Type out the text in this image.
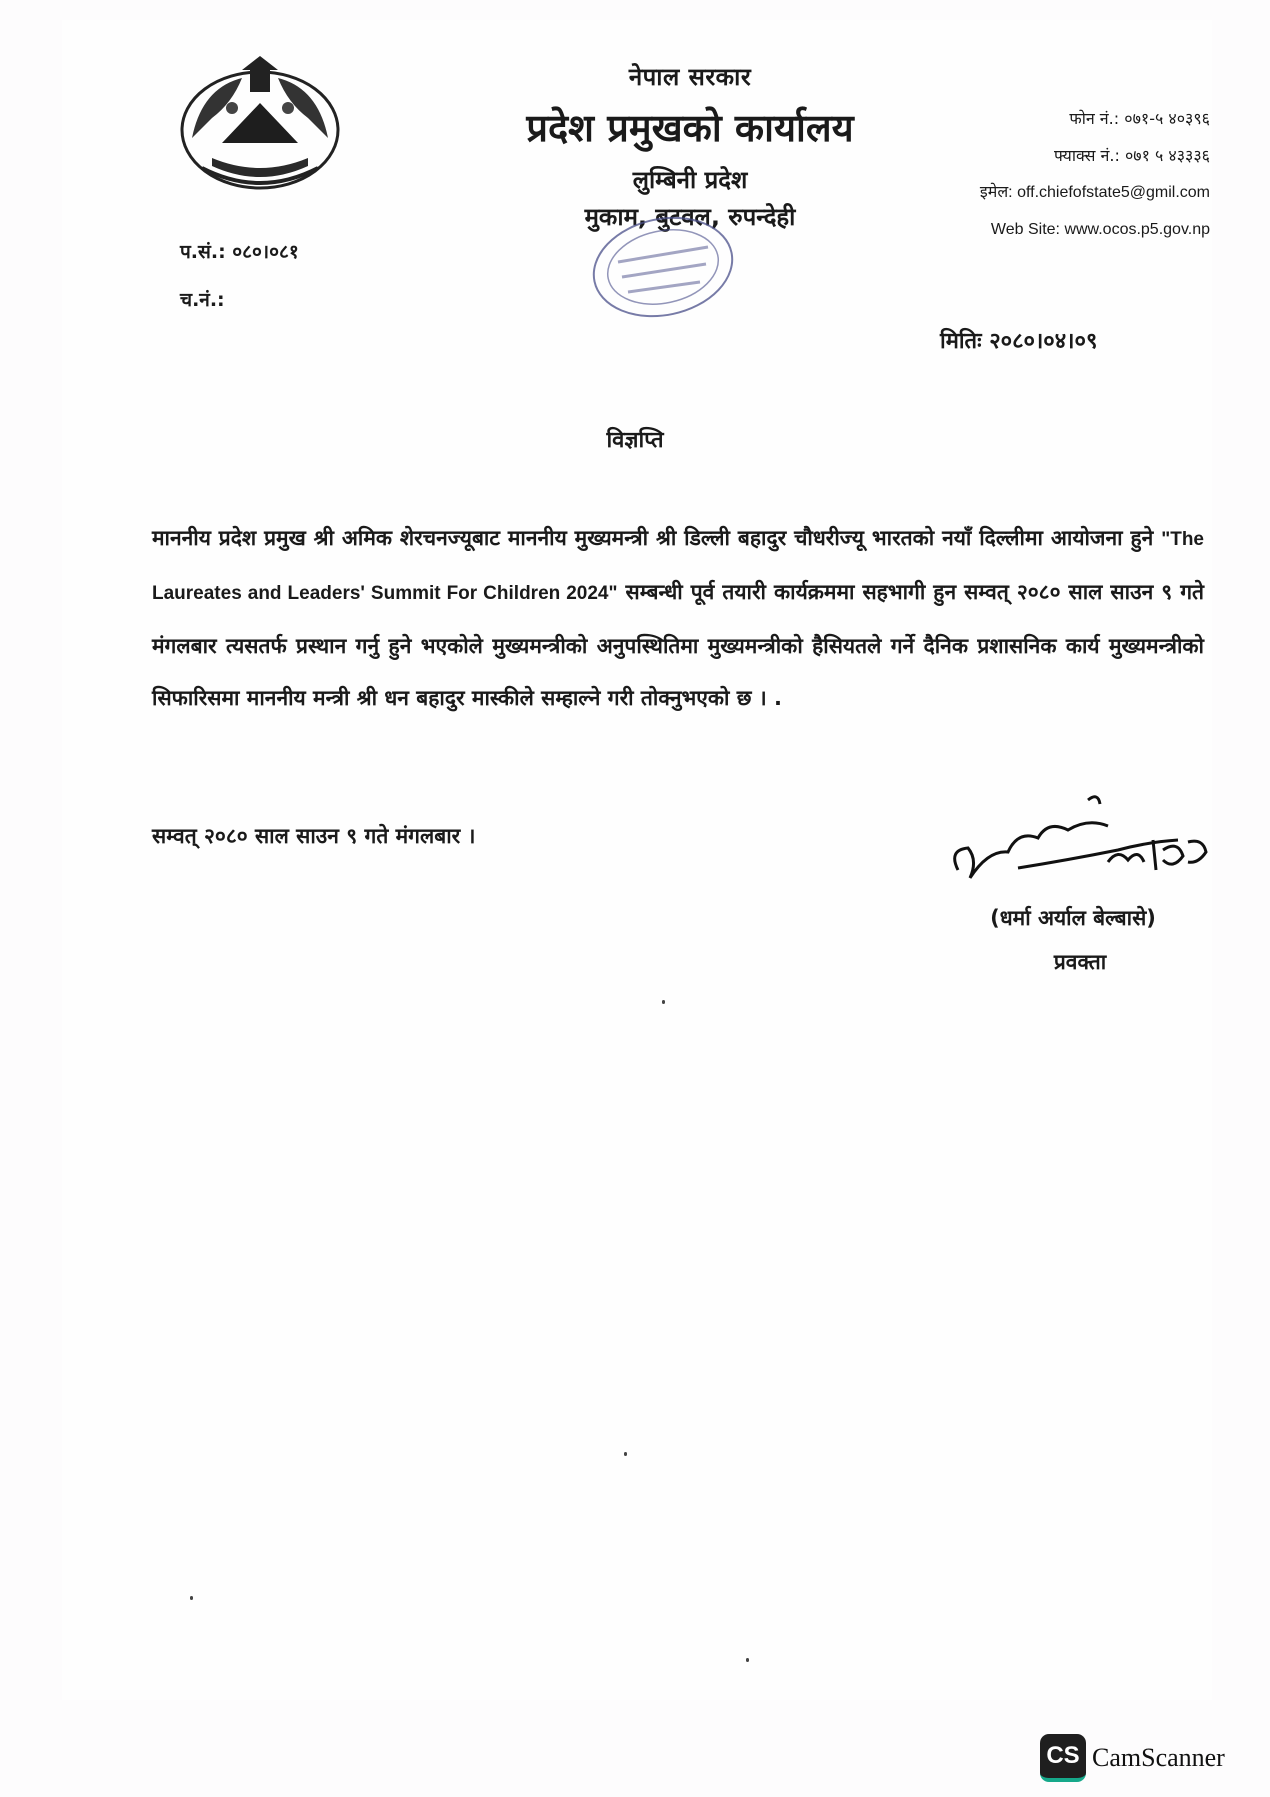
नेपाल सरकार
प्रदेश प्रमुखको कार्यालय
लुम्बिनी प्रदेश
मुकाम, बुटवल, रुपन्देही
फोन नं.: ०७१-५ ४०३९६
फ्याक्स नं.: ०७१ ५ ४३३३६
इमेल: off.chiefofstate5@gmil.com
Web Site: www.ocos.p5.gov.np
प.सं.: ०८०।०८१
च.नं.:
मितिः २०८०।०४।०९
विज्ञप्ति
माननीय प्रदेश प्रमुख श्री अमिक शेरचनज्यूबाट माननीय मुख्यमन्त्री श्री डिल्ली बहादुर चौधरीज्यू भारतको नयाँ दिल्लीमा आयोजना हुने "The Laureates and Leaders' Summit For Children 2024" सम्बन्धी पूर्व तयारी कार्यक्रममा सहभागी हुन सम्वत् २०८० साल साउन ९ गते मंगलबार त्यसतर्फ प्रस्थान गर्नु हुने भएकोले मुख्यमन्त्रीको अनुपस्थितिमा मुख्यमन्त्रीको हैसियतले गर्ने दैनिक प्रशासनिक कार्य मुख्यमन्त्रीको सिफारिसमा माननीय मन्त्री श्री धन बहादुर मास्कीले सम्हाल्ने गरी तोक्नुभएको छ । .
सम्वत् २०८० साल साउन ९ गते मंगलबार ।
(धर्मा अर्याल बेल्बासे)
प्रवक्ता
CS CamScanner
